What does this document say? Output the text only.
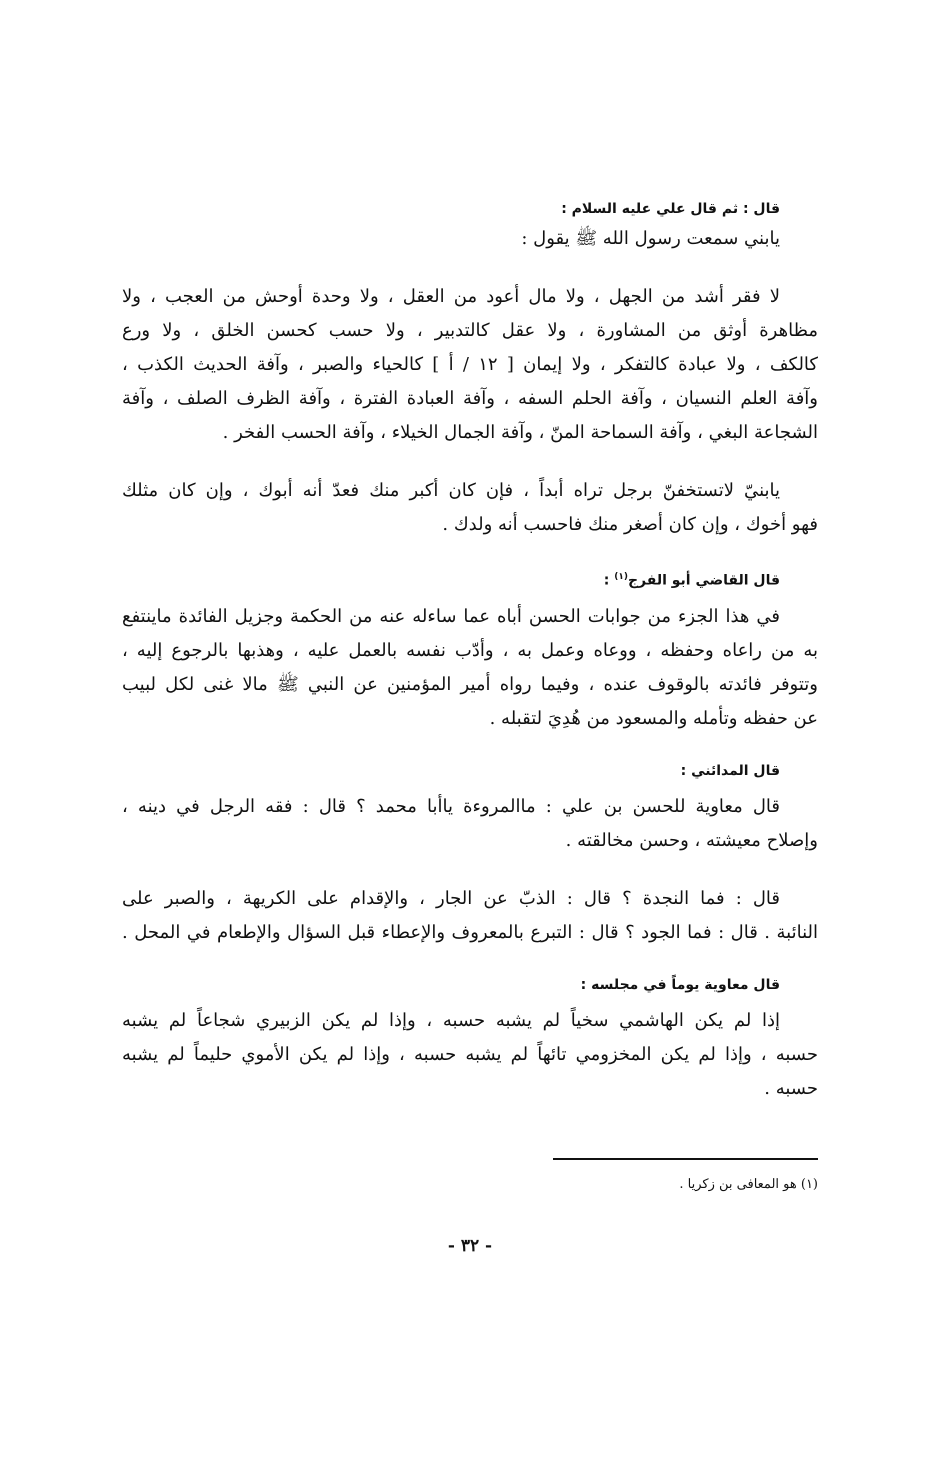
قال : ثم قال علي عليه السلام :
يابني سمعت رسول الله ﷺ يقول :
لا فقر أشد من الجهل ، ولا مال أعود من العقل ، ولا وحدة أوحش من العجب ، ولا
مظاهرة أوثق من المشاورة ، ولا عقل كالتدبير ، ولا حسب كحسن الخلق ، ولا ورع
كالكف ، ولا عبادة كالتفكر ، ولا إيمان [ ١٢ / أ ] كالحياء والصبر ، وآفة الحديث الكذب ،
وآفة العلم النسيان ، وآفة الحلم السفه ، وآفة العبادة الفترة ، وآفة الظرف الصلف ، وآفة
الشجاعة البغي ، وآفة السماحة المنّ ، وآفة الجمال الخيلاء ، وآفة الحسب الفخر .
يابنيّ لاتستخفنّ برجل تراه أبداً ، فإن كان أكبر منك فعدّ أنه أبوك ، وإن كان مثلك
فهو أخوك ، وإن كان أصغر منك فاحسب أنه ولدك .
قال القاضي أبو الفرج$^{(١)}$ :
في هذا الجزء من جوابات الحسن أباه عما ساءله عنه من الحكمة وجزيل الفائدة ماينتفع
به من راعاه وحفظه ، ووعاه وعمل به ، وأدّب نفسه بالعمل عليه ، وهذبها بالرجوع إليه ،
وتتوفر فائدته بالوقوف عنده ، وفيما رواه أمير المؤمنين عن النبي ﷺ مالا غنى لكل لبيب
عن حفظه وتأمله والمسعود من هُدِيَ لتقبله .
قال المدائني :
قال معاوية للحسن بن علي : ماالمروءة ياأبا محمد ؟ قال : فقه الرجل في دينه ،
وإصلاح معيشته ، وحسن مخالقته .
قال : فما النجدة ؟ قال : الذبّ عن الجار ، والإقدام على الكريهة ، والصبر على
النائبة . قال : فما الجود ؟ قال : التبرع بالمعروف والإعطاء قبل السؤال والإطعام في المحل .
قال معاوية يوماً في مجلسه :
إذا لم يكن الهاشمي سخياً لم يشبه حسبه ، وإذا لم يكن الزبيري شجاعاً لم يشبه
حسبه ، وإذا لم يكن المخزومي تائهاً لم يشبه حسبه ، وإذا لم يكن الأموي حليماً لم يشبه
حسبه .
(١) هو المعافى بن زكريا .
- ٣٢ -
